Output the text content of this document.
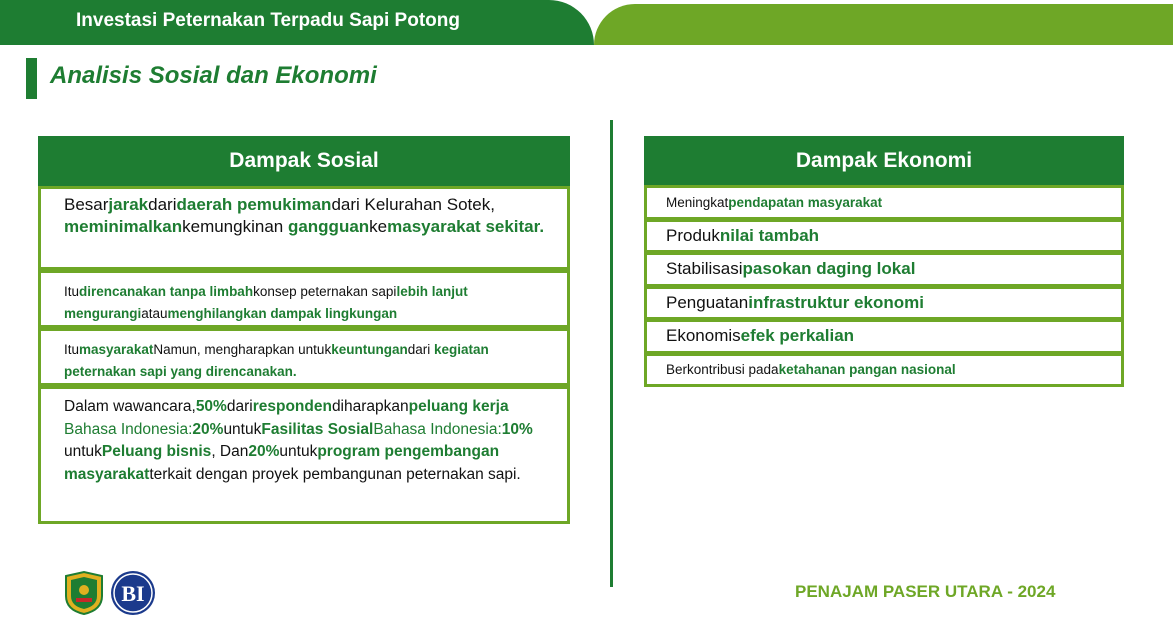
Investasi Peternakan Terpadu Sapi Potong
Analisis Sosial dan Ekonomi
Dampak Sosial
Besarjarakdaridaerah pemukimandari Kelurahan Sotek, meminimalkankemungkinan gangguankemasyarakat sekitar.
Itudirencanakan tanpa limbahkonsep peternakan sapilebih lanjut mengurangiataumenghilangkan dampak lingkungan
ItumasyarakatNamun, mengharapkan untukkeuntungandari kegiatan peternakan sapi yang direncanakan.
Dalam wawancara,50%darirespondendiharapkanpeluang kerja Bahasa Indonesia:20%untukFasilitas SosialBahasa Indonesia:10% untukPeluang bisnis, Dan20%untukprogram pengembangan masyarakatterkait dengan proyek pembangunan peternakan sapi.
Dampak Ekonomi
Meningkat pendapatan masyarakat
Produk nilai tambah
Stabilisasi pasokan daging lokal
Penguatan infrastruktur ekonomi
Ekonomis efek perkalian
Berkontribusi pada ketahanan pangan nasional
BI	PENAJAM PASER UTARA - 2024
